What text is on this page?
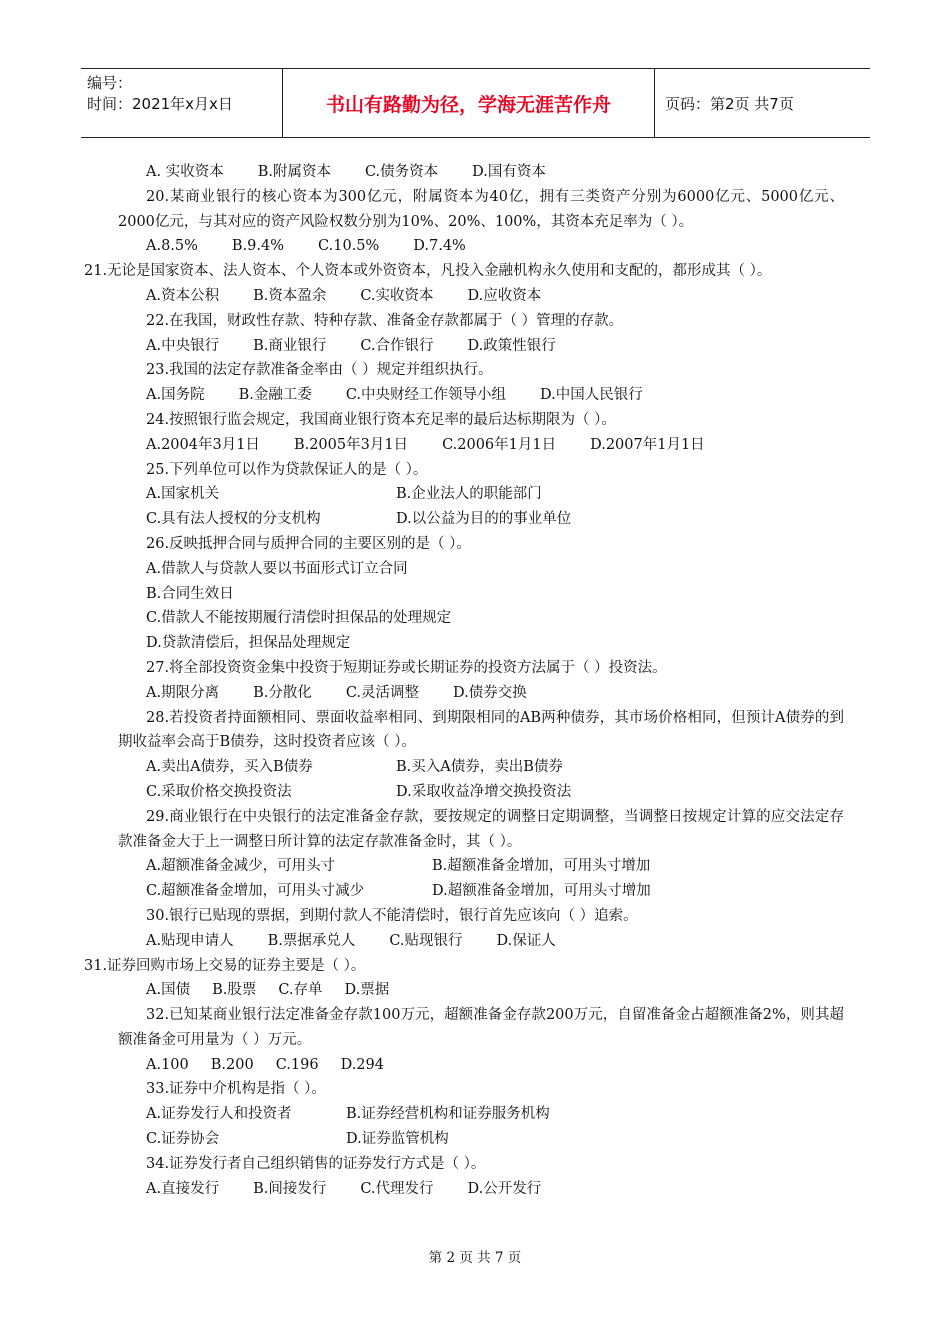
编号：
时间：2021年x月x日	书山有路勤为径，学海无涯苦作舟	页码：第2页 共7页
A. 实收资本 B.附属资本 C.债务资本 D.国有资本
20.某商业银行的核心资本为300亿元，附属资本为40亿，拥有三类资产分别为6000亿元、5000亿元、2000亿元，与其对应的资产风险权数分别为10%、20%、100%，其资本充足率为（ ）。
A.8.5% B.9.4% C.10.5% D.7.4%
21.无论是国家资本、法人资本、个人资本或外资资本，凡投入金融机构永久使用和支配的，都形成其（ ）。
A.资本公积 B.资本盈余 C.实收资本 D.应收资本
22.在我国，财政性存款、特种存款、准备金存款都属于（ ）管理的存款。
A.中央银行 B.商业银行 C.合作银行 D.政策性银行
23.我国的法定存款准备金率由（ ）规定并组织执行。
A.国务院 B.金融工委 C.中央财经工作领导小组 D.中国人民银行
24.按照银行监会规定，我国商业银行资本充足率的最后达标期限为（ ）。
A.2004年3月1日 B.2005年3月1日 C.2006年1月1日 D.2007年1月1日
25.下列单位可以作为贷款保证人的是（ ）。
A.国家机关	B.企业法人的职能部门
C.具有法人授权的分支机构	D.以公益为目的的事业单位
26.反映抵押合同与质押合同的主要区别的是（ ）。
A.借款人与贷款人要以书面形式订立合同
B.合同生效日
C.借款人不能按期履行清偿时担保品的处理规定
D.贷款清偿后，担保品处理规定
27.将全部投资资金集中投资于短期证券或长期证券的投资方法属于（ ）投资法。
A.期限分离 B.分散化 C.灵活调整 D.债券交换
28.若投资者持面额相同、票面收益率相同、到期限相同的AB两种债券，其市场价格相同，但预计A债券的到期收益率会高于B债券，这时投资者应该（ ）。
A.卖出A债券，买入B债券	B.买入A债券，卖出B债券
C.采取价格交换投资法	D.采取收益净增交换投资法
29.商业银行在中央银行的法定准备金存款，要按规定的调整日定期调整，当调整日按规定计算的应交法定存款准备金大于上一调整日所计算的法定存款准备金时，其（ ）。
A.超额准备金减少，可用头寸	B.超额准备金增加，可用头寸增加
C.超额准备金增加，可用头寸减少	D.超额准备金增加，可用头寸增加
30.银行已贴现的票据，到期付款人不能清偿时，银行首先应该向（ ）追索。
A.贴现申请人 B.票据承兑人 C.贴现银行 D.保证人
31.证券回购市场上交易的证券主要是（ ）。
A.国债 B.股票 C.存单 D.票据
32.已知某商业银行法定准备金存款100万元，超额准备金存款200万元，自留准备金占超额准备2%，则其超额准备金可用量为（ ）万元。
A.100 B.200 C.196 D.294
33.证券中介机构是指（ ）。
A.证券发行人和投资者	B.证券经营机构和证券服务机构
C.证券协会	D.证券监管机构
34.证券发行者自己组织销售的证券发行方式是（ ）。
A.直接发行 B.间接发行 C.代理发行 D.公开发行
第 2 页 共 7 页
